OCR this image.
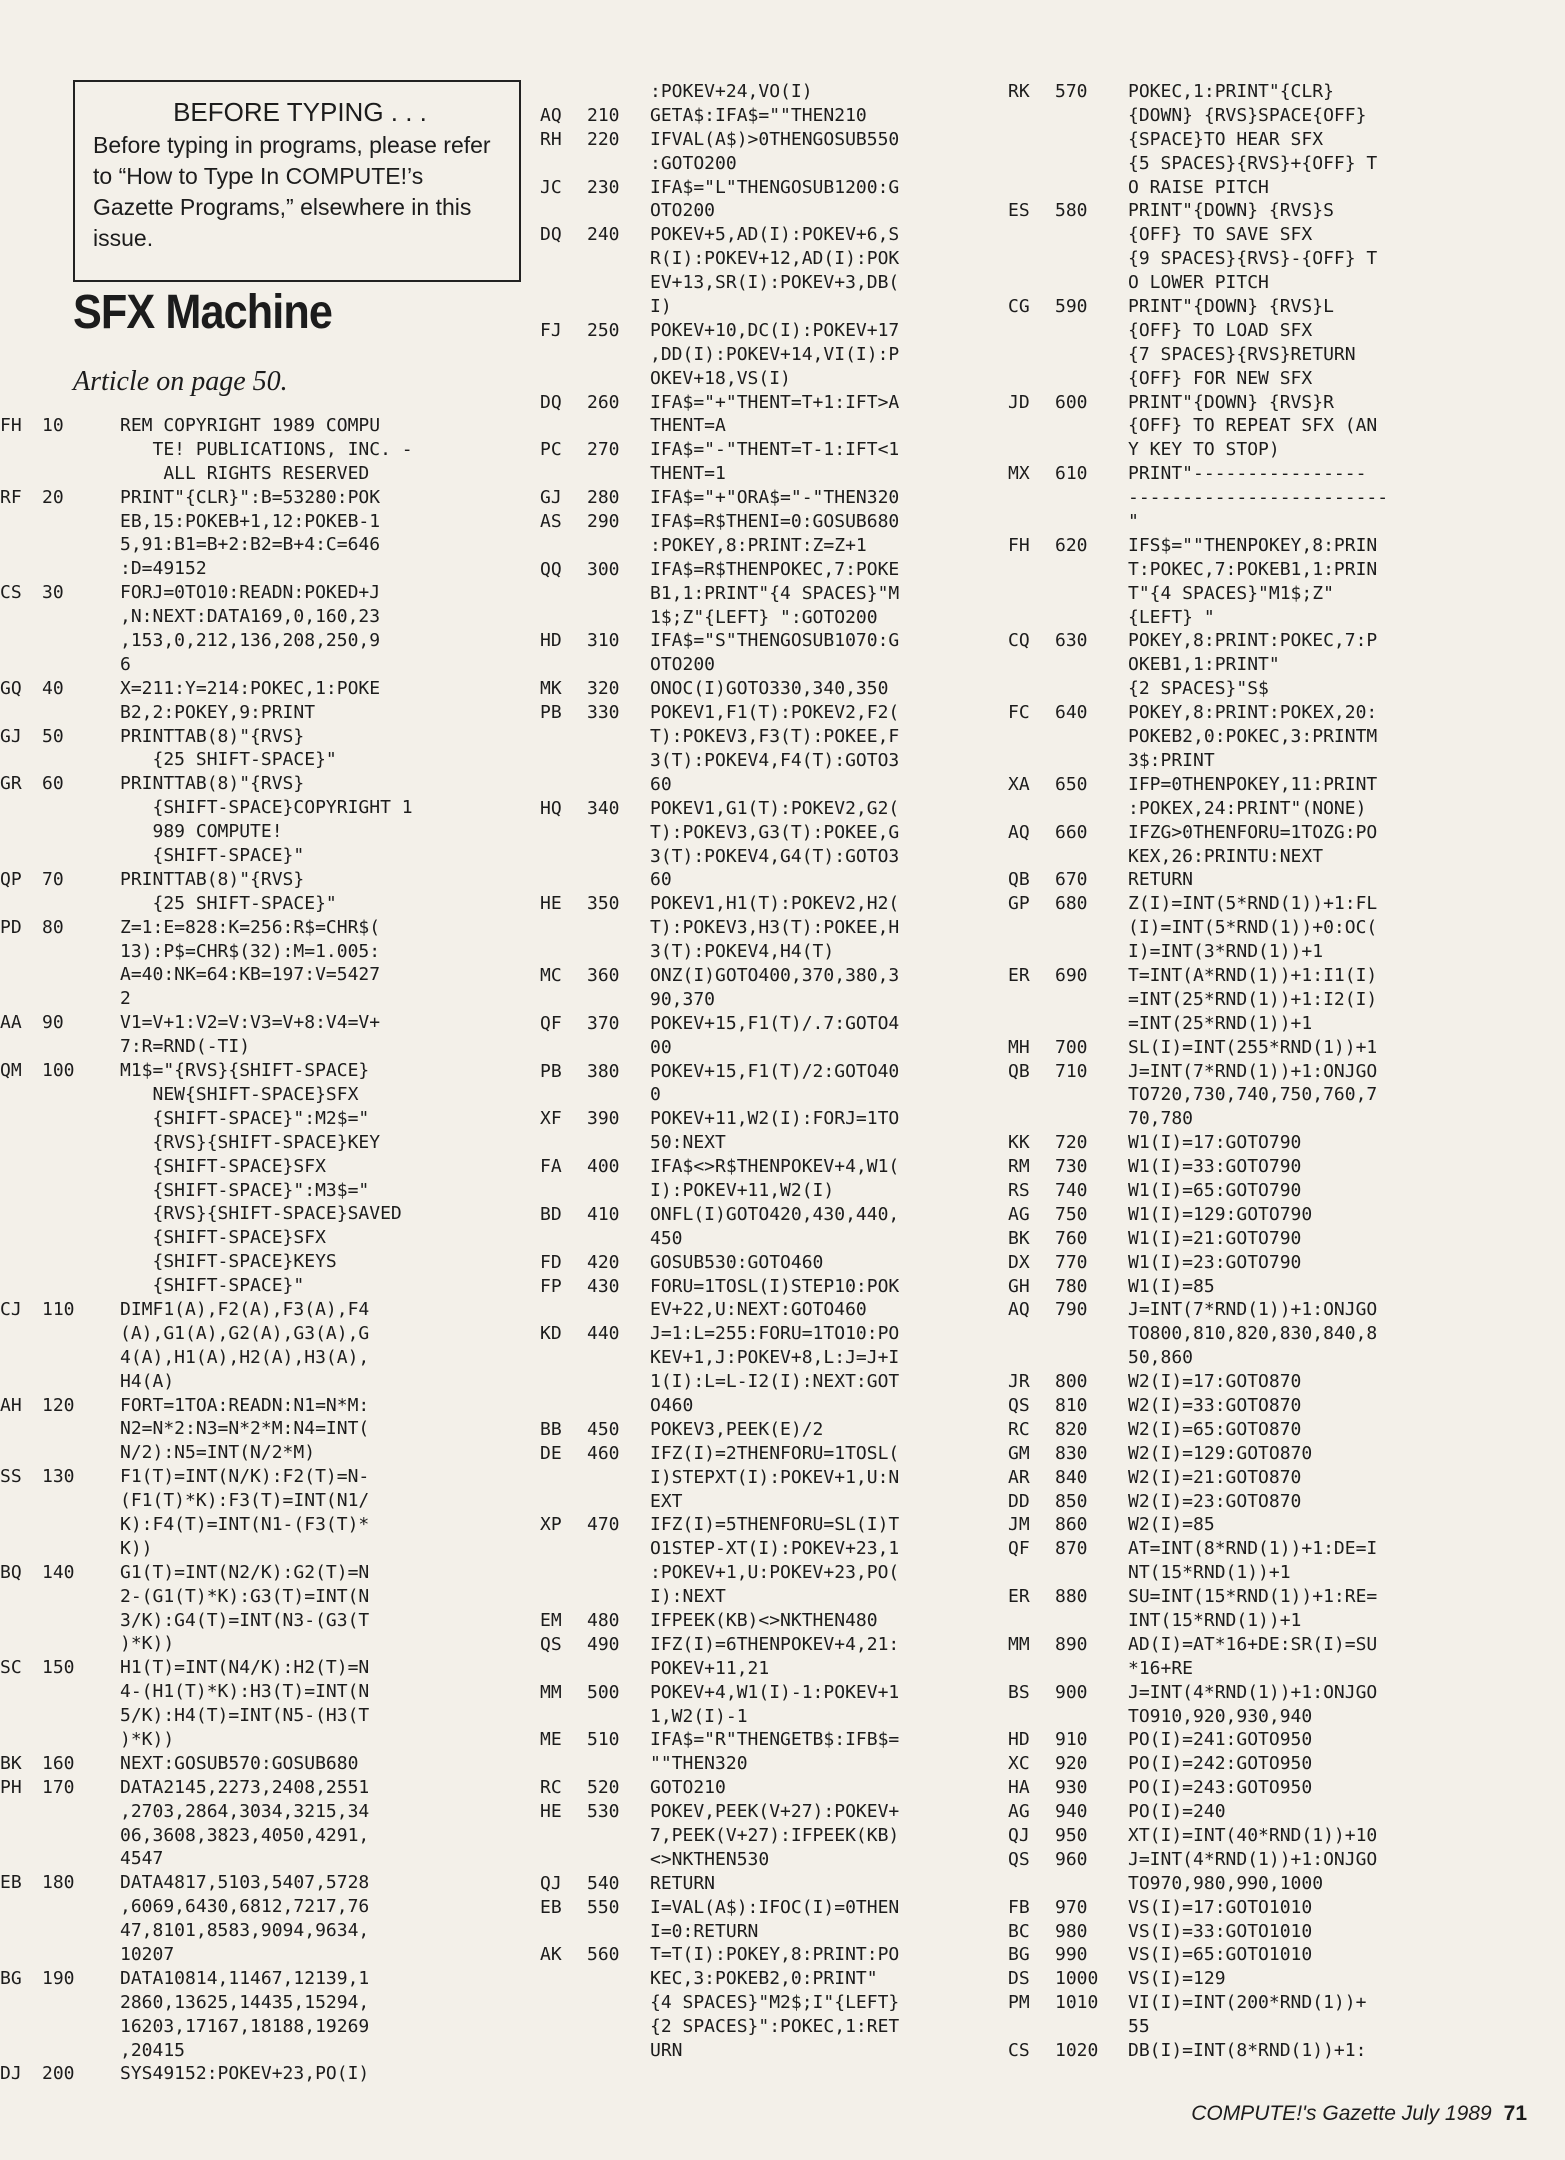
BEFORE TYPING . . .
Before typing in programs, please refer to “How to Type In COMPUTE!’s Gazette Programs,” elsewhere in this issue.
SFX Machine
Article on page 50.
FH 10	REM COPYRIGHT 1989 COMPU
TE! PUBLICATIONS, INC. -
ALL RIGHTS RESERVED
RF 20	PRINT"{CLR}":B=53280:POK
EB,15:POKEB+1,12:POKEB-1
5,91:B1=B+2:B2=B+4:C=646
:D=49152
CS 30	FORJ=0TO10:READN:POKED+J
,N:NEXT:DATA169,0,160,23
,153,0,212,136,208,250,9
6
GQ 40	X=211:Y=214:POKEC,1:POKE
B2,2:POKEY,9:PRINT
GJ 50	PRINTTAB(8)"{RVS}
{25 SHIFT-SPACE}"
GR 60	PRINTTAB(8)"{RVS}
{SHIFT-SPACE}COPYRIGHT 1
989 COMPUTE!
{SHIFT-SPACE}"
QP 70	PRINTTAB(8)"{RVS}
{25 SHIFT-SPACE}"
PD 80	Z=1:E=828:K=256:R$=CHR$(
13):P$=CHR$(32):M=1.005:
A=40:NK=64:KB=197:V=5427
2
AA 90	V1=V+1:V2=V:V3=V+8:V4=V+
7:R=RND(-TI)
QM 100	M1$="{RVS}{SHIFT-SPACE}
NEW{SHIFT-SPACE}SFX
{SHIFT-SPACE}":M2$="
{RVS}{SHIFT-SPACE}KEY
{SHIFT-SPACE}SFX
{SHIFT-SPACE}":M3$="
{RVS}{SHIFT-SPACE}SAVED
{SHIFT-SPACE}SFX
{SHIFT-SPACE}KEYS
{SHIFT-SPACE}"
CJ 110	DIMF1(A),F2(A),F3(A),F4
(A),G1(A),G2(A),G3(A),G
4(A),H1(A),H2(A),H3(A),
H4(A)
AH 120	FORT=1TOA:READN:N1=N*M:
N2=N*2:N3=N*2*M:N4=INT(
N/2):N5=INT(N/2*M)
SS 130	F1(T)=INT(N/K):F2(T)=N-
(F1(T)*K):F3(T)=INT(N1/
K):F4(T)=INT(N1-(F3(T)*
K))
BQ 140	G1(T)=INT(N2/K):G2(T)=N
2-(G1(T)*K):G3(T)=INT(N
3/K):G4(T)=INT(N3-(G3(T
)*K))
SC 150	H1(T)=INT(N4/K):H2(T)=N
4-(H1(T)*K):H3(T)=INT(N
5/K):H4(T)=INT(N5-(H3(T
)*K))
BK 160	NEXT:GOSUB570:GOSUB680
PH 170	DATA2145,2273,2408,2551
,2703,2864,3034,3215,34
06,3608,3823,4050,4291,
4547
EB 180	DATA4817,5103,5407,5728
,6069,6430,6812,7217,76
47,8101,8583,9094,9634,
10207
BG 190	DATA10814,11467,12139,1
2860,13625,14435,15294,
16203,17167,18188,19269
,20415
DJ 200	SYS49152:POKEV+23,PO(I)
:POKEV+24,VO(I)
AQ 210 GETA$:IFA$=""THEN210
RH 220 IFVAL(A$)>0THENGOSUB550
:GOTO200
JC 230 IFA$="L"THENGOSUB1200:G
OTO200
DQ 240 POKEV+5,AD(I):POKEV+6,S
R(I):POKEV+12,AD(I):POK
EV+13,SR(I):POKEV+3,DB(
I)
FJ 250 POKEV+10,DC(I):POKEV+17
,DD(I):POKEV+14,VI(I):P
OKEV+18,VS(I)
DQ 260 IFA$="+"THENT=T+1:IFT>A
THENT=A
PC 270 IFA$="-"THENT=T-1:IFT<1
THENT=1
GJ 280 IFA$="+"ORA$="-"THEN320
AS 290 IFA$=R$THENI=0:GOSUB680
:POKEY,8:PRINT:Z=Z+1
QQ 300 IFA$=R$THENPOKEC,7:POKE
B1,1:PRINT"{4 SPACES}"M
1$;Z"{LEFT} ":GOTO200
HD 310 IFA$="S"THENGOSUB1070:G
OTO200
MK 320 ONOC(I)GOTO330,340,350
PB 330 POKEV1,F1(T):POKEV2,F2(
T):POKEV3,F3(T):POKEE,F
3(T):POKEV4,F4(T):GOTO3
60
HQ 340 POKEV1,G1(T):POKEV2,G2(
T):POKEV3,G3(T):POKEE,G
3(T):POKEV4,G4(T):GOTO3
60
HE 350 POKEV1,H1(T):POKEV2,H2(
T):POKEV3,H3(T):POKEE,H
3(T):POKEV4,H4(T)
MC 360 ONZ(I)GOTO400,370,380,3
90,370
QF 370 POKEV+15,F1(T)/.7:GOTO4
00
PB 380 POKEV+15,F1(T)/2:GOTO40
0
XF 390 POKEV+11,W2(I):FORJ=1TO
50:NEXT
FA 400 IFA$<>R$THENPOKEV+4,W1(
I):POKEV+11,W2(I)
BD 410 ONFL(I)GOTO420,430,440,
450
FD 420 GOSUB530:GOTO460
FP 430 FORU=1TOSL(I)STEP10:POK
EV+22,U:NEXT:GOTO460
KD 440 J=1:L=255:FORU=1TO10:PO
KEV+1,J:POKEV+8,L:J=J+I
1(I):L=L-I2(I):NEXT:GOT
O460
BB 450 POKEV3,PEEK(E)/2
DE 460 IFZ(I)=2THENFORU=1TOSL(
I)STEPXT(I):POKEV+1,U:N
EXT
XP 470 IFZ(I)=5THENFORU=SL(I)T
O1STEP-XT(I):POKEV+23,1
:POKEV+1,U:POKEV+23,PO(
I):NEXT
EM 480 IFPEEK(KB)<>NKTHEN480
QS 490 IFZ(I)=6THENPOKEV+4,21:
POKEV+11,21
MM 500 POKEV+4,W1(I)-1:POKEV+1
1,W2(I)-1
ME 510 IFA$="R"THENGETB$:IFB$=
""THEN320
RC 520 GOTO210
HE 530 POKEV,PEEK(V+27):POKEV+
7,PEEK(V+27):IFPEEK(KB)
<>NKTHEN530
QJ 540 RETURN
EB 550 I=VAL(A$):IFOC(I)=0THEN
I=0:RETURN
AK 560 T=T(I):POKEY,8:PRINT:PO
KEC,3:POKEB2,0:PRINT"
{4 SPACES}"M2$;I"{LEFT}
{2 SPACES}":POKEC,1:RET
URN
RK 570 POKEC,1:PRINT"{CLR}
{DOWN} {RVS}SPACE{OFF}
{SPACE}TO HEAR SFX
{5 SPACES}{RVS}+{OFF} T
O RAISE PITCH
ES 580 PRINT"{DOWN} {RVS}S
{OFF} TO SAVE SFX
{9 SPACES}{RVS}-{OFF} T
O LOWER PITCH
CG 590 PRINT"{DOWN} {RVS}L
{OFF} TO LOAD SFX
{7 SPACES}{RVS}RETURN
{OFF} FOR NEW SFX
JD 600 PRINT"{DOWN} {RVS}R
{OFF} TO REPEAT SFX (AN
Y KEY TO STOP)
MX 610 PRINT"----------------
------------------------
"
FH 620 IFS$=""THENPOKEY,8:PRIN
T:POKEC,7:POKEB1,1:PRIN
T"{4 SPACES}"M1$;Z"
{LEFT} "
CQ 630 POKEY,8:PRINT:POKEC,7:P
OKEB1,1:PRINT"
{2 SPACES}"S$
FC 640 POKEY,8:PRINT:POKEX,20:
POKEB2,0:POKEC,3:PRINTM
3$:PRINT
XA 650 IFP=0THENPOKEY,11:PRINT
:POKEX,24:PRINT"(NONE)
AQ 660 IFZG>0THENFORU=1TOZG:PO
KEX,26:PRINTU:NEXT
QB 670 RETURN
GP 680 Z(I)=INT(5*RND(1))+1:FL
(I)=INT(5*RND(1))+0:OC(
I)=INT(3*RND(1))+1
ER 690 T=INT(A*RND(1))+1:I1(I)
=INT(25*RND(1))+1:I2(I)
=INT(25*RND(1))+1
MH 700 SL(I)=INT(255*RND(1))+1
QB 710 J=INT(7*RND(1))+1:ONJGO
TO720,730,740,750,760,7
70,780
KK 720 W1(I)=17:GOTO790
RM 730 W1(I)=33:GOTO790
RS 740 W1(I)=65:GOTO790
AG 750 W1(I)=129:GOTO790
BK 760 W1(I)=21:GOTO790
DX 770 W1(I)=23:GOTO790
GH 780 W1(I)=85
AQ 790 J=INT(7*RND(1))+1:ONJGO
TO800,810,820,830,840,8
50,860
JR 800 W2(I)=17:GOTO870
QS 810 W2(I)=33:GOTO870
RC 820 W2(I)=65:GOTO870
GM 830 W2(I)=129:GOTO870
AR 840 W2(I)=21:GOTO870
DD 850 W2(I)=23:GOTO870
JM 860 W2(I)=85
QF 870 AT=INT(8*RND(1))+1:DE=I
NT(15*RND(1))+1
ER 880 SU=INT(15*RND(1))+1:RE=
INT(15*RND(1))+1
MM 890 AD(I)=AT*16+DE:SR(I)=SU
*16+RE
BS 900 J=INT(4*RND(1))+1:ONJGO
TO910,920,930,940
HD 910 PO(I)=241:GOTO950
XC 920 PO(I)=242:GOTO950
HA 930 PO(I)=243:GOTO950
AG 940 PO(I)=240
QJ 950 XT(I)=INT(40*RND(1))+10
QS 960 J=INT(4*RND(1))+1:ONJGO
TO970,980,990,1000
FB 970 VS(I)=17:GOTO1010
BC 980 VS(I)=33:GOTO1010
BG 990 VS(I)=65:GOTO1010
DS 1000 VS(I)=129
PM 1010 VI(I)=INT(200*RND(1))+
55
CS 1020 DB(I)=INT(8*RND(1))+1:
COMPUTE!'s Gazette July 1989 71
